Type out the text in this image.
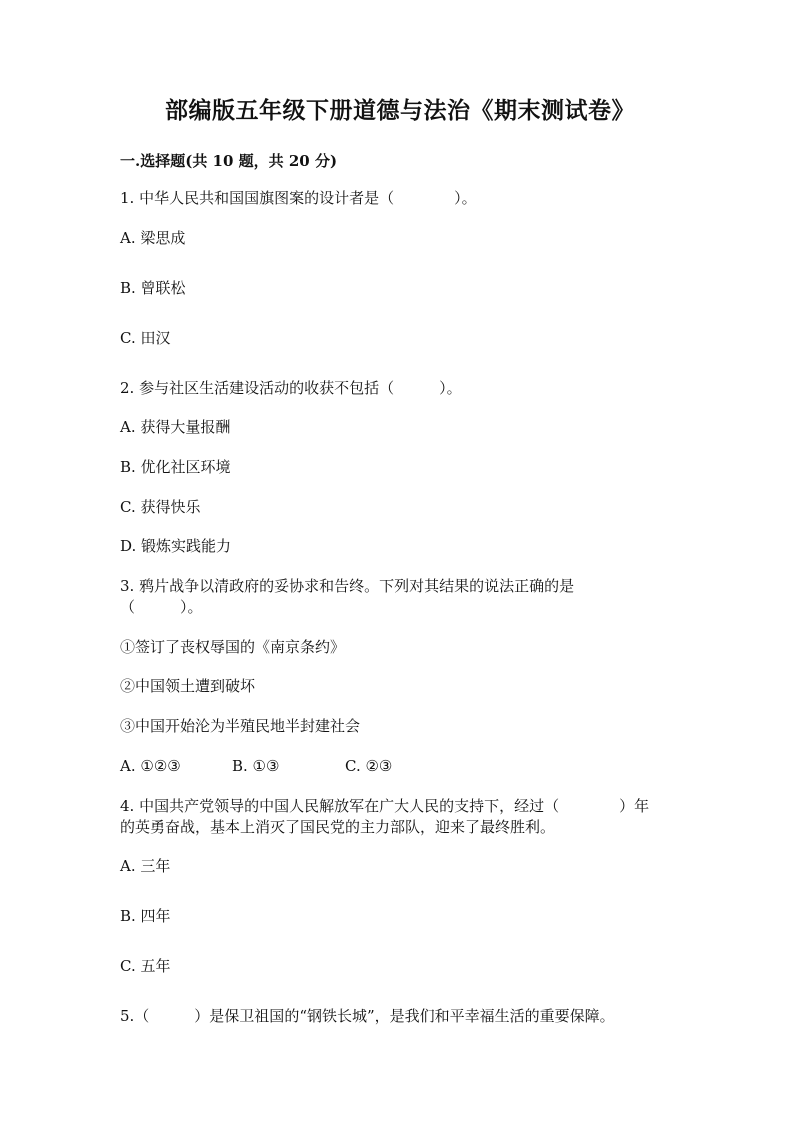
部编版五年级下册道德与法治《期末测试卷》
一.选择题(共 10 题，共 20 分)
1. 中华人民共和国国旗图案的设计者是（　　　　）。
A. 梁思成
B. 曾联松
C. 田汉
2. 参与社区生活建设活动的收获不包括（　　　）。
A. 获得大量报酬
B. 优化社区环境
C. 获得快乐
D. 锻炼实践能力
3. 鸦片战争以清政府的妥协求和告终。下列对其结果的说法正确的是
（　　　）。
①签订了丧权辱国的《南京条约》
②中国领土遭到破坏
③中国开始沦为半殖民地半封建社会
A. ①②③	B. ①③	C. ②③
4. 中国共产党领导的中国人民解放军在广大人民的支持下，经过（　　　　）年
的英勇奋战，基本上消灭了国民党的主力部队，迎来了最终胜利。
A. 三年
B. 四年
C. 五年
5.（　　　）是保卫祖国的“钢铁长城”，是我们和平幸福生活的重要保障。
